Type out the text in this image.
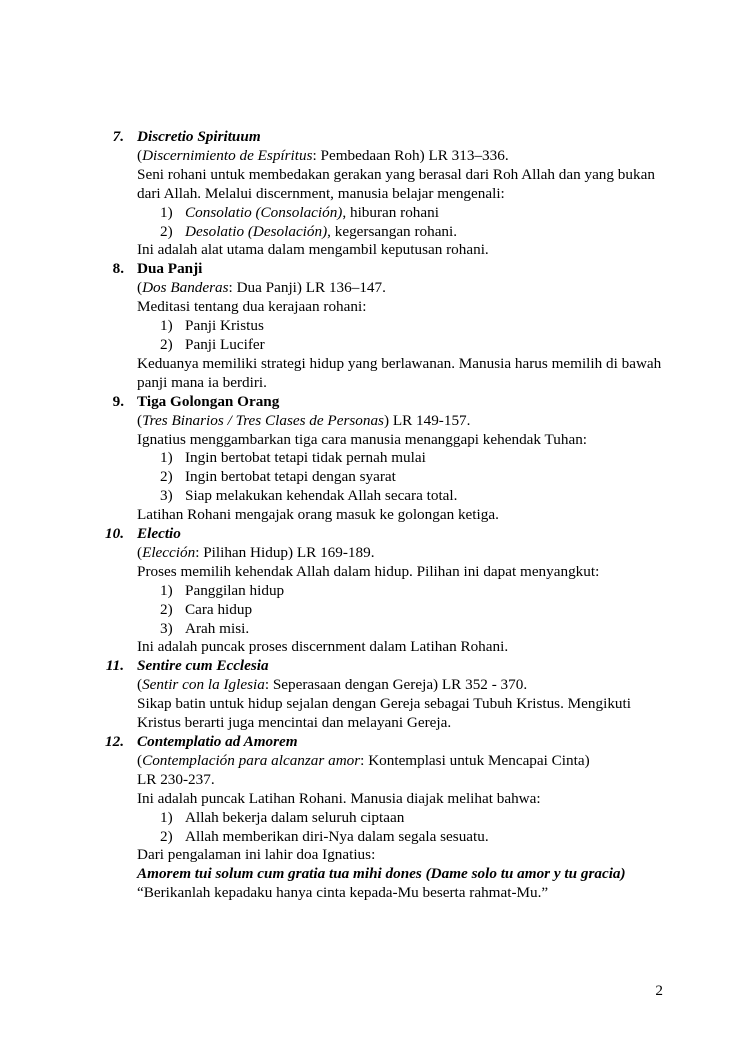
7. Discretio Spirituum
(Discernimiento de Espíritus: Pembedaan Roh) LR 313–336.
Seni rohani untuk membedakan gerakan yang berasal dari Roh Allah dan yang bukan dari Allah. Melalui discernment, manusia belajar mengenali:
1) Consolatio (Consolación), hiburan rohani
2) Desolatio (Desolación), kegersangan rohani.
Ini adalah alat utama dalam mengambil keputusan rohani.
8. Dua Panji
(Dos Banderas: Dua Panji) LR 136–147.
Meditasi tentang dua kerajaan rohani:
1) Panji Kristus
2) Panji Lucifer
Keduanya memiliki strategi hidup yang berlawanan. Manusia harus memilih di bawah panji mana ia berdiri.
9. Tiga Golongan Orang
(Tres Binarios / Tres Clases de Personas) LR 149-157.
Ignatius menggambarkan tiga cara manusia menanggapi kehendak Tuhan:
1) Ingin bertobat tetapi tidak pernah mulai
2) Ingin bertobat tetapi dengan syarat
3) Siap melakukan kehendak Allah secara total.
Latihan Rohani mengajak orang masuk ke golongan ketiga.
10. Electio
(Elección: Pilihan Hidup) LR 169-189.
Proses memilih kehendak Allah dalam hidup. Pilihan ini dapat menyangkut:
1) Panggilan hidup
2) Cara hidup
3) Arah misi.
Ini adalah puncak proses discernment dalam Latihan Rohani.
11. Sentire cum Ecclesia
(Sentir con la Iglesia: Seperasaan dengan Gereja) LR 352 - 370.
Sikap batin untuk hidup sejalan dengan Gereja sebagai Tubuh Kristus. Mengikuti Kristus berarti juga mencintai dan melayani Gereja.
12. Contemplatio ad Amorem
(Contemplación para alcanzar amor: Kontemplasi untuk Mencapai Cinta)
LR 230-237.
Ini adalah puncak Latihan Rohani. Manusia diajak melihat bahwa:
1) Allah bekerja dalam seluruh ciptaan
2) Allah memberikan diri-Nya dalam segala sesuatu.
Dari pengalaman ini lahir doa Ignatius:
Amorem tui solum cum gratia tua mihi dones (Dame solo tu amor y tu gracia)
“Berikanlah kepadaku hanya cinta kepada-Mu beserta rahmat-Mu.”
2
